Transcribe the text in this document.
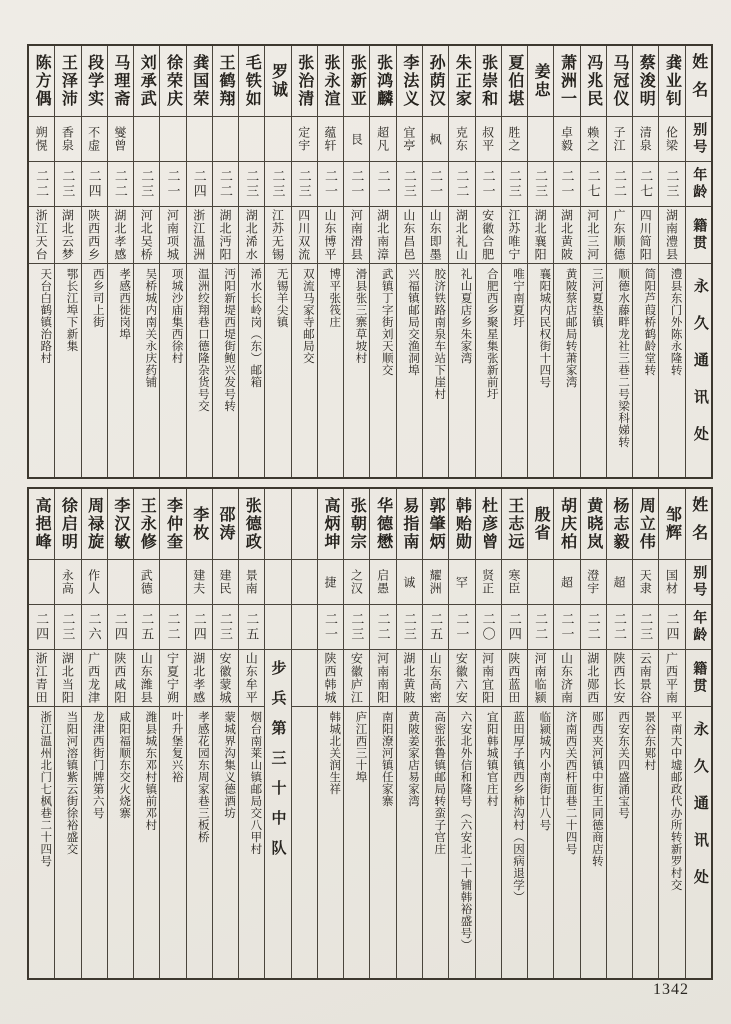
陈方偶
朔愰
二二
浙江天台
天台白鹤镇治路村
王泽沛
香泉
二三
湖北云梦
鄂长江埠下新集
段学实
不虚
二四
陕西西乡
西乡司上街
马理斋
燮曾
二二
湖北孝感
孝感西徙岗埠
刘承武
二三
河北吴桥
吴桥城内南关永庆药铺
徐荣庆
二一
河南项城
项城沙庙集西徐村
龚国荣
二四
浙江温洲
温洲绞翔巷口德隆杂货号交
王鹤翔
二二
湖北沔阳
沔阳新堤西堤街鲍兴发号转
毛铁如
二三
湖北浠水
浠水长岭岗（东）邮箱
罗诚
二三
江苏无锡
无锡羊尖镇
张治清
定宇
二三
四川双流
双流马家寺邮局交
张永渲
蕴轩
二一
山东博平
博平张筏庄
张新亚
艮
二一
河南滑县
滑县张三寨草坡村
张鸿麟
超凡
二一
湖北南漳
武镇丁字街刘天顺交
李法义
宜亭
二三
山东昌邑
兴福镇邮局交渔洞埠
孙荫汉
枫
二一
山东即墨
胶济铁路南泉车站下崖村
朱正家
克东
二二
湖北礼山
礼山夏店乡朱家湾
张崇和
叔平
二一
安徽合肥
合肥西乡聚星集张新前圩
夏伯堪
胜之
二三
江苏唯宁
唯宁南夏圩
姜忠
二三
湖北襄阳
襄阳城内民权街十四号
萧洲一
卓毅
二一
湖北黄陂
黄陂蔡店邮局转萧家湾
冯兆民
赖之
二七
河北三河
三河夏垫镇
马冠仪
子江
二二
广东顺德
顺德水藤畔龙社三巷二号梁科娣转
蔡浚明
清泉
二七
四川简阳
简阳芦葭桥鹤龄堂转
龚业钊
伦梁
二三
湖南澧县
澧县东门外陈永隆转
姓名
别号
年龄
籍贯
永久通讯处
高挹峰
二四
浙江青田
浙江温州北门七枫巷二十四号
徐启明
永高
二三
湖北当阳
当阳河溶镇紫云街徐裕盛交
周禄旋
作人
二六
广西龙津
龙津西街门牌第六号
李汉敏
二四
陕西咸阳
咸阳福顺东交火烧寨
王永修
武德
二五
山东潍县
潍县城东邓村镇前邓村
李仲奎
二二
宁夏宁朔
叶升堡复兴裕
李枚
建夫
二四
湖北孝感
孝感花园东周家巷三板桥
邵涛
建民
二三
安徽蒙城
蒙城界沟集义德酒坊
张德政
景南
二五
山东牟平
烟台南莱山镇邮局交八甲村 步兵第三十中队
高炳坤
捷
二一
陕西韩城
韩城北关润生祥
张朝宗
之汉
二三
安徽庐江
庐江西三十埠
华德懋
启愚
二二
河南南阳
南阳潦河镇任家寨
易指南
诚
二三
湖北黄陂
黄陂姜家店易家湾
郭肇炳
耀洲
二五
山东高密
高密张鲁镇邮局转蛮子官庄
韩贻勋
罕
二一
安徽六安
六安北外信和隆号（六安北二十铺韩裕盛号）
杜彦曾
贤正
二〇
河南宜阳
宜阳韩城镇官庄村
王志远
寒臣
二四
陕西蓝田
蓝田厚子镇西乡柿沟村（因病退学）
殷省
二二
河南临颍
临颍城内小南街廿八号
胡庆柏
超
二一
山东济南
济南西关西杆面巷二十四号
黄晓岚
澄宇
二二
湖北郧西
郧西夹河镇中街王同德商店转
杨志毅
超
二二
陕西长安
西安东关四盛涌宝号
周立伟
天隶
二三
云南景谷
景谷东郹村
邹辉
国材
二四
广西平南
平南大中墟邮政代办所转新罗村交
姓名
别号
年龄
籍贯
永久通讯处
1342
